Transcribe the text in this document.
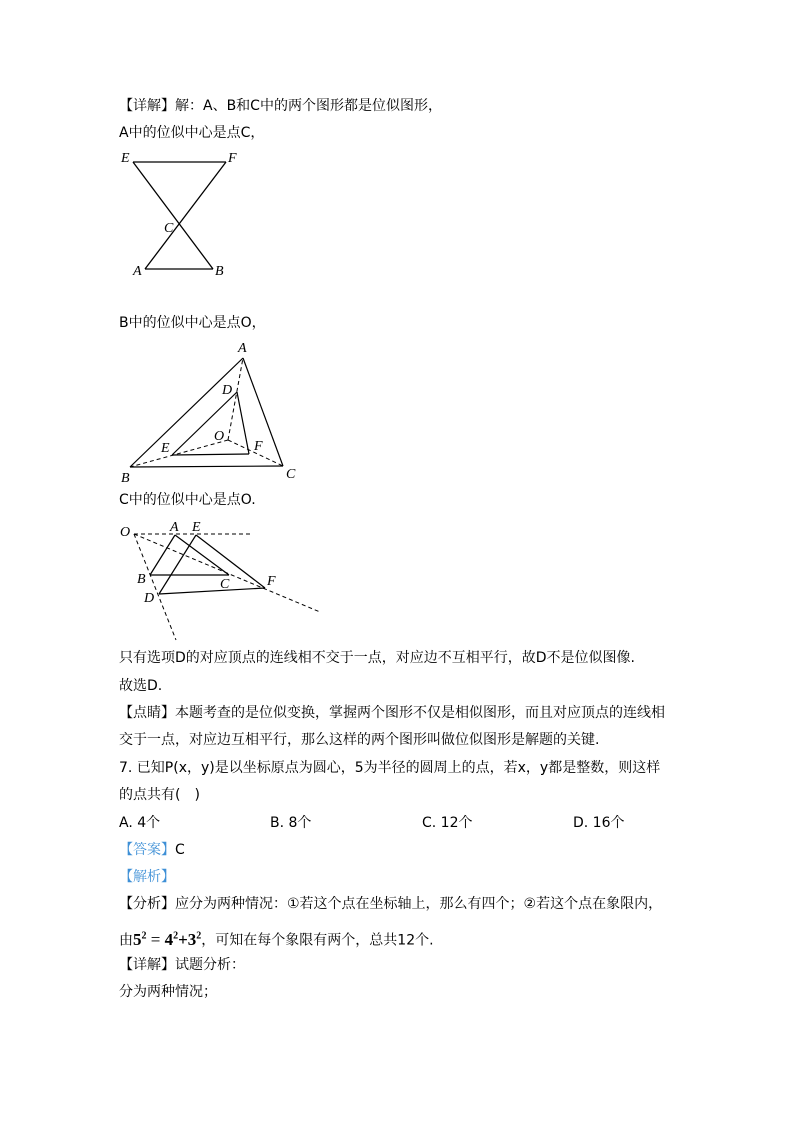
【详解】解：A、B和C中的两个图形都是位似图形，
A中的位似中心是点C，
E	F
C
A	B
B中的位似中心是点O，
A
D
O
E	F
B	C
C中的位似中心是点O.
O	A E
B	C
D
F
只有选项D的对应顶点的连线相不交于一点，对应边不互相平行，故D不是位似图像.
故选D.
【点睛】本题考查的是位似变换，掌握两个图形不仅是相似图形，而且对应顶点的连线相
交于一点，对应边互相平行，那么这样的两个图形叫做位似图形是解题的关键.
7. 已知P(x，y)是以坐标原点为圆心，5为半径的圆周上的点，若x，y都是整数，则这样
的点共有(　)
A. 4个	B. 8个	C. 12个	D. 16个
【答案】C
【解析】
【分析】应分为两种情况：①若这个点在坐标轴上，那么有四个；②若这个点在象限内，
由$5^2 = 4^2+3^2$，可知在每个象限有两个，总共12个.
【详解】试题分析：
分为两种情况；
